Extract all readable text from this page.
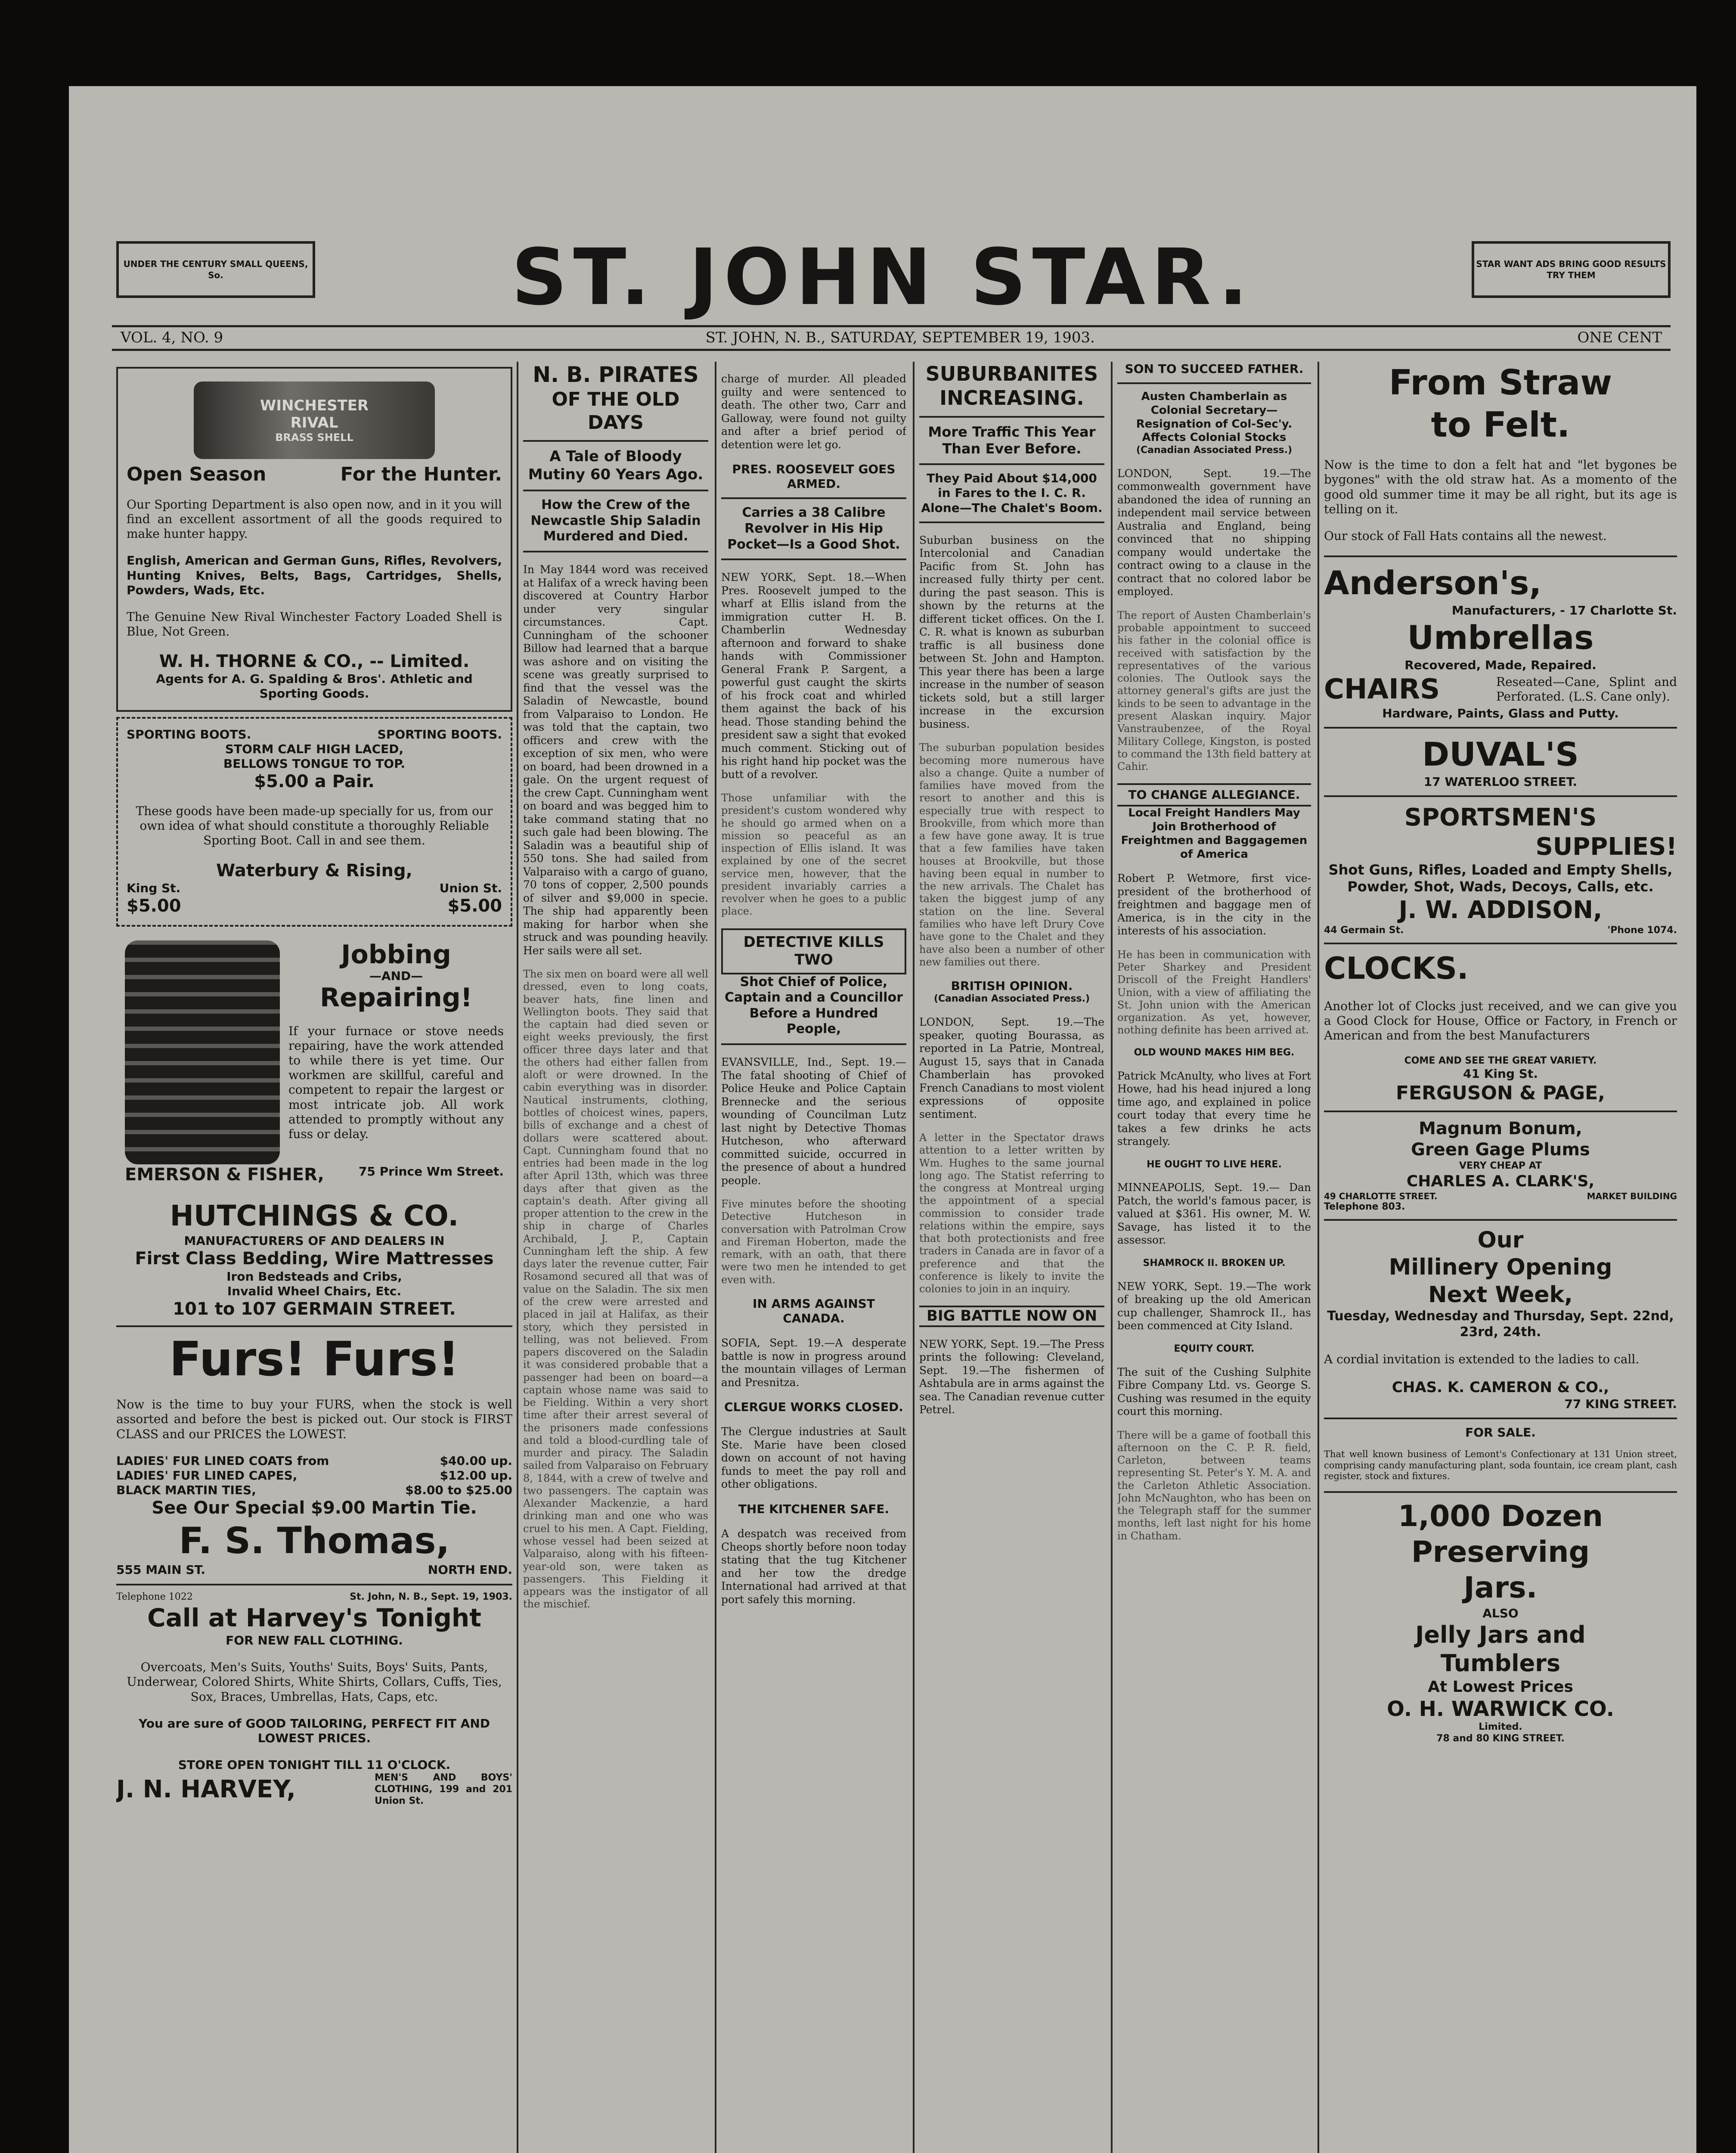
UNDER THE CENTURY SMALL QUEENS, So.	ST. JOHN STAR.	STAR WANT ADS BRING GOOD RESULTS TRY THEM
VOL. 4, NO. 9	ST. JOHN, N. B., SATURDAY, SEPTEMBER 19, 1903.	ONE CENT
WINCHESTER
RIVAL
BRASS SHELL
Open Season	For the Hunter.

Our Sporting Department is also open now, and in it you will find an excellent assortment of all the goods required to make hunter happy.

English, American and German Guns, Rifles, Revolvers, Hunting Knives, Belts, Bags, Cartridges, Shells, Powders, Wads, Etc.

The Genuine New Rival Winchester Factory Loaded Shell is Blue, Not Green.

W. H. THORNE & CO., -- Limited.
Agents for A. G. Spalding & Bros'. Athletic and Sporting Goods.
SPORTING BOOTS.	SPORTING BOOTS.
STORM CALF HIGH LACED,
BELLOWS TONGUE TO TOP.
$5.00 a Pair.

These goods have been made-up specially for us, from our own idea of what should constitute a thoroughly Reliable Sporting Boot. Call in and see them.

Waterbury & Rising,
King St.	Union St.
$5.00	$5.00
Jobbing
—AND—
Repairing!

If your furnace or stove needs repairing, have the work attended to while there is yet time. Our workmen are skillful, careful and competent to repair the largest or most intricate job. All work attended to promptly without any fuss or delay.

EMERSON & FISHER,	75 Prince Wm Street.
HUTCHINGS & CO.
MANUFACTURERS OF AND DEALERS IN
First Class Bedding, Wire Mattresses
Iron Bedsteads and Cribs,
Invalid Wheel Chairs, Etc.
101 to 107 GERMAIN STREET.
Furs! Furs!

Now is the time to buy your FURS, when the stock is well assorted and before the best is picked out. Our stock is FIRST CLASS and our PRICES the LOWEST.

LADIES' FUR LINED COATS from	$40.00 up.
LADIES' FUR LINED CAPES,	$12.00 up.
BLACK MARTIN TIES,	$8.00 to $25.00
See Our Special $9.00 Martin Tie.
F. S. Thomas,
555 MAIN ST.	NORTH END.
Telephone 1022	St. John, N. B., Sept. 19, 1903.
Call at Harvey's Tonight
FOR NEW FALL CLOTHING.

Overcoats, Men's Suits, Youths' Suits, Boys' Suits, Pants, Underwear, Colored Shirts, White Shirts, Collars, Cuffs, Ties, Sox, Braces, Umbrellas, Hats, Caps, etc.

You are sure of GOOD TAILORING, PERFECT FIT AND LOWEST PRICES.

STORE OPEN TONIGHT TILL 11 O'CLOCK.
J. N. HARVEY,	MEN'S AND BOYS' CLOTHING, 199 and 201 Union St.
N. B. PIRATES
OF THE OLD DAYS
A Tale of Bloody Mutiny 60 Years Ago.
How the Crew of the Newcastle Ship Saladin Murdered and Died.

In May 1844 word was received at Halifax of a wreck having been discovered at Country Harbor under very singular circumstances. Capt. Cunningham of the schooner Billow had learned that a barque was ashore and on visiting the scene was greatly surprised to find that the vessel was the Saladin of Newcastle, bound from Valparaiso to London. He was told that the captain, two officers and crew with the exception of six men, who were on board, had been drowned in a gale. On the urgent request of the crew Capt. Cunningham went on board and was begged him to take command stating that no such gale had been blowing. The Saladin was a beautiful ship of 550 tons. She had sailed from Valparaiso with a cargo of guano, 70 tons of copper, 2,500 pounds of silver and $9,000 in specie. The ship had apparently been making for harbor when she struck and was pounding heavily. Her sails were all set.

The six men on board were all well dressed, even to long coats, beaver hats, fine linen and Wellington boots. They said that the captain had died seven or eight weeks previously, the first officer three days later and that the others had either fallen from aloft or were drowned. In the cabin everything was in disorder. Nautical instruments, clothing, bottles of choicest wines, papers, bills of exchange and a chest of dollars were scattered about. Capt. Cunningham found that no entries had been made in the log after April 13th, which was three days after that given as the captain's death. After giving all proper attention to the crew in the ship in charge of Charles Archibald, J. P., Captain Cunningham left the ship. A few days later the revenue cutter, Fair Rosamond secured all that was of value on the Saladin. The six men of the crew were arrested and placed in jail at Halifax, as their story, which they persisted in telling, was not believed. From papers discovered on the Saladin it was considered probable that a passenger had been on board—a captain whose name was said to be Fielding. Within a very short time after their arrest several of the prisoners made confessions and told a blood-curdling tale of murder and piracy. The Saladin sailed from Valparaiso on February 8, 1844, with a crew of twelve and two passengers. The captain was Alexander Mackenzie, a hard drinking man and one who was cruel to his men. A Capt. Fielding, whose vessel had been seized at Valparaiso, along with his fifteen-year-old son, were taken as passengers. This Fielding it appears was the instigator of all the mischief.

charge of murder. All pleaded guilty and were sentenced to death. The other two, Carr and Galloway, were found not guilty and after a brief period of detention were let go.

PRES. ROOSEVELT GOES ARMED.
Carries a 38 Calibre Revolver in His Hip Pocket—Is a Good Shot.

NEW YORK, Sept. 18.—When Pres. Roosevelt jumped to the wharf at Ellis island from the immigration cutter H. B. Chamberlin Wednesday afternoon and forward to shake hands with Commissioner General Frank P. Sargent, a powerful gust caught the skirts of his frock coat and whirled them against the back of his head. Those standing behind the president saw a sight that evoked much comment. Sticking out of his right hand hip pocket was the butt of a revolver.

Those unfamiliar with the president's custom wondered why he should go armed when on a mission so peaceful as an inspection of Ellis island. It was explained by one of the secret service men, however, that the president invariably carries a revolver when he goes to a public place.

DETECTIVE KILLS TWO
Shot Chief of Police, Captain and a Councillor Before a Hundred People,

EVANSVILLE, Ind., Sept. 19.—The fatal shooting of Chief of Police Heuke and Police Captain Brennecke and the serious wounding of Councilman Lutz last night by Detective Thomas Hutcheson, who afterward committed suicide, occurred in the presence of about a hundred people.

Five minutes before the shooting Detective Hutcheson in conversation with Patrolman Crow and Fireman Hoberton, made the remark, with an oath, that there were two men he intended to get even with.

IN ARMS AGAINST CANADA.

SOFIA, Sept. 19.—A desperate battle is now in progress around the mountain villages of Lerman and Presnitza.

CLERGUE WORKS CLOSED.

The Clergue industries at Sault Ste. Marie have been closed down on account of not having funds to meet the pay roll and other obligations.

THE KITCHENER SAFE.

A despatch was received from Cheops shortly before noon today stating that the tug Kitchener and her tow the dredge International had arrived at that port safely this morning.

SUBURBANITES
INCREASING.
More Traffic This Year Than Ever Before.
They Paid About $14,000 in Fares to the I. C. R. Alone—The Chalet's Boom.

Suburban business on the Intercolonial and Canadian Pacific from St. John has increased fully thirty per cent. during the past season. This is shown by the returns at the different ticket offices. On the I. C. R. what is known as suburban traffic is all business done between St. John and Hampton. This year there has been a large increase in the number of season tickets sold, but a still larger increase in the excursion business.

The suburban population besides becoming more numerous have also a change. Quite a number of families have moved from the resort to another and this is especially true with respect to Brookville, from which more than a few have gone away. It is true that a few families have taken houses at Brookville, but those having been equal in number to the new arrivals. The Chalet has taken the biggest jump of any station on the line. Several families who have left Drury Cove have gone to the Chalet and they have also been a number of other new families out there.

BRITISH OPINION.
(Canadian Associated Press.)

LONDON, Sept. 19.—The speaker, quoting Bourassa, as reported in La Patrie, Montreal, August 15, says that in Canada Chamberlain has provoked French Canadians to most violent expressions of opposite sentiment.

A letter in the Spectator draws attention to a letter written by Wm. Hughes to the same journal long ago. The Statist referring to the congress at Montreal urging the appointment of a special commission to consider trade relations within the empire, says that both protectionists and free traders in Canada are in favor of a preference and that the conference is likely to invite the colonies to join in an inquiry.

BIG BATTLE NOW ON

NEW YORK, Sept. 19.—The Press prints the following: Cleveland, Sept. 19.—The fishermen of Ashtabula are in arms against the sea. The Canadian revenue cutter Petrel.

SON TO SUCCEED FATHER.
Austen Chamberlain as Colonial Secretary—Resignation of Col-Sec'y. Affects Colonial Stocks
(Canadian Associated Press.)

LONDON, Sept. 19.—The commonwealth government have abandoned the idea of running an independent mail service between Australia and England, being convinced that no shipping company would undertake the contract owing to a clause in the contract that no colored labor be employed.

The report of Austen Chamberlain's probable appointment to succeed his father in the colonial office is received with satisfaction by the representatives of the various colonies. The Outlook says the attorney general's gifts are just the kinds to be seen to advantage in the present Alaskan inquiry. Major Vanstraubenzee, of the Royal Military College, Kingston, is posted to command the 13th field battery at Cahir.

TO CHANGE ALLEGIANCE.
Local Freight Handlers May Join Brotherhood of Freightmen and Baggagemen of America

Robert P. Wetmore, first vice-president of the brotherhood of freightmen and baggage men of America, is in the city in the interests of his association.

He has been in communication with Peter Sharkey and President Driscoll of the Freight Handlers' Union, with a view of affiliating the St. John union with the American organization. As yet, however, nothing definite has been arrived at.

OLD WOUND MAKES HIM BEG.

Patrick McAnulty, who lives at Fort Howe, had his head injured a long time ago, and explained in police court today that every time he takes a few drinks he acts strangely.

HE OUGHT TO LIVE HERE.

MINNEAPOLIS, Sept. 19.— Dan Patch, the world's famous pacer, is valued at $361. His owner, M. W. Savage, has listed it to the assessor.

SHAMROCK II. BROKEN UP.

NEW YORK, Sept. 19.—The work of breaking up the old American cup challenger, Shamrock II., has been commenced at City Island.

EQUITY COURT.

The suit of the Cushing Sulphite Fibre Company Ltd. vs. George S. Cushing was resumed in the equity court this morning.

There will be a game of football this afternoon on the C. P. R. field, Carleton, between teams representing St. Peter's Y. M. A. and the Carleton Athletic Association. John McNaughton, who has been on the Telegraph staff for the summer months, left last night for his home in Chatham.

From Straw
to Felt.

Now is the time to don a felt hat and "let bygones be bygones" with the old straw hat. As a momento of the good old summer time it may be all right, but its age is telling on it.

Our stock of Fall Hats contains all the newest.

Anderson's,
Manufacturers, - 17 Charlotte St.
Umbrellas
Recovered, Made, Repaired.
CHAIRS	Reseated—Cane, Splint and Perforated. (L.S. Cane only).
Hardware, Paints, Glass and Putty.
DUVAL'S
17 WATERLOO STREET.
SPORTSMEN'S
SUPPLIES!
Shot Guns, Rifles, Loaded and Empty Shells, Powder, Shot, Wads, Decoys, Calls, etc.
J. W. ADDISON,
44 Germain St.	'Phone 1074.
CLOCKS.

Another lot of Clocks just received, and we can give you a Good Clock for House, Office or Factory, in French or American and from the best Manufacturers

COME AND SEE THE GREAT VARIETY.
41 King St.
FERGUSON & PAGE,
Magnum Bonum,
Green Gage Plums
VERY CHEAP AT
CHARLES A. CLARK'S,
49 CHARLOTTE STREET.	MARKET BUILDING
Telephone 803.
Our
Millinery Opening
Next Week,
Tuesday, Wednesday and Thursday, Sept. 22nd, 23rd, 24th.

A cordial invitation is extended to the ladies to call.

CHAS. K. CAMERON & CO.,
77 KING STREET.
FOR SALE.

That well known business of Lemont's Confectionary at 131 Union street, comprising candy manufacturing plant, soda fountain, ice cream plant, cash register, stock and fixtures.

1,000 Dozen
Preserving
Jars.
ALSO
Jelly Jars and
Tumblers
At Lowest Prices
O. H. WARWICK CO.
Limited.
78 and 80 KING STREET.
